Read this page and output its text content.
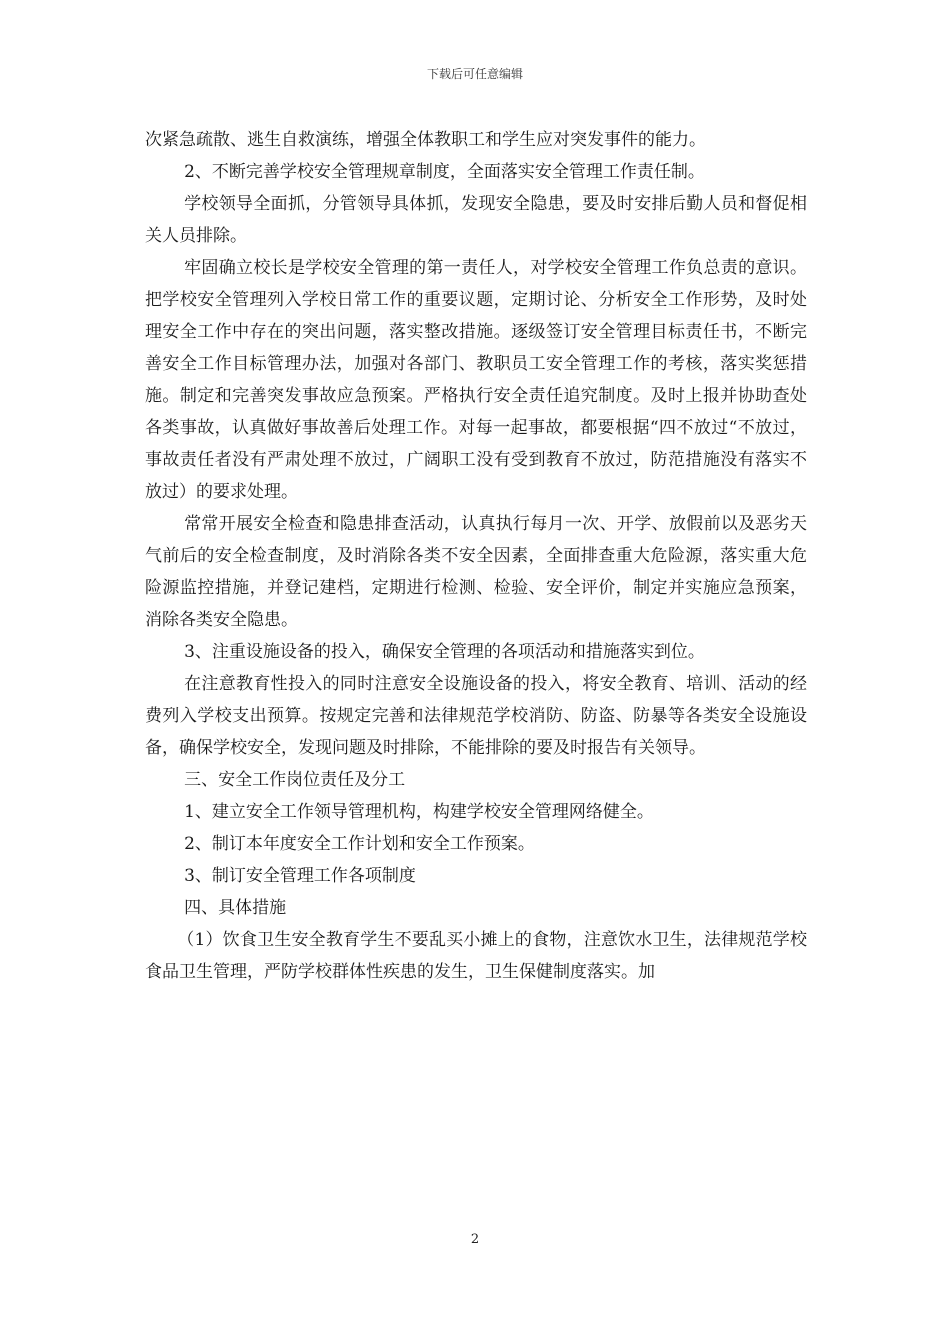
下载后可任意编辑

次紧急疏散、逃生自救演练，增强全体教职工和学生应对突发事件的能力。

2、不断完善学校安全管理规章制度，全面落实安全管理工作责任制。

学校领导全面抓，分管领导具体抓，发现安全隐患，要及时安排后勤人员和督促相关人员排除。

牢固确立校长是学校安全管理的第一责任人，对学校安全管理工作负总责的意识。把学校安全管理列入学校日常工作的重要议题，定期讨论、分析安全工作形势，及时处理安全工作中存在的突出问题，落实整改措施。逐级签订安全管理目标责任书，不断完善安全工作目标管理办法，加强对各部门、教职员工安全管理工作的考核，落实奖惩措施。制定和完善突发事故应急预案。严格执行安全责任追究制度。及时上报并协助查处各类事故，认真做好事故善后处理工作。对每一起事故，都要根据“四不放过“不放过，事故责任者没有严肃处理不放过，广阔职工没有受到教育不放过，防范措施没有落实不放过）的要求处理。

常常开展安全检查和隐患排查活动，认真执行每月一次、开学、放假前以及恶劣天气前后的安全检查制度，及时消除各类不安全因素，全面排查重大危险源，落实重大危险源监控措施，并登记建档，定期进行检测、检验、安全评价，制定并实施应急预案，消除各类安全隐患。

3、注重设施设备的投入，确保安全管理的各项活动和措施落实到位。

在注意教育性投入的同时注意安全设施设备的投入，将安全教育、培训、活动的经费列入学校支出预算。按规定完善和法律规范学校消防、防盗、防暴等各类安全设施设备，确保学校安全，发现问题及时排除，不能排除的要及时报告有关领导。

三、安全工作岗位责任及分工

1、建立安全工作领导管理机构，构建学校安全管理网络健全。

2、制订本年度安全工作计划和安全工作预案。

3、制订安全管理工作各项制度

四、具体措施

（1）饮食卫生安全教育学生不要乱买小摊上的食物，注意饮水卫生，法律规范学校食品卫生管理，严防学校群体性疾患的发生，卫生保健制度落实。加

2
